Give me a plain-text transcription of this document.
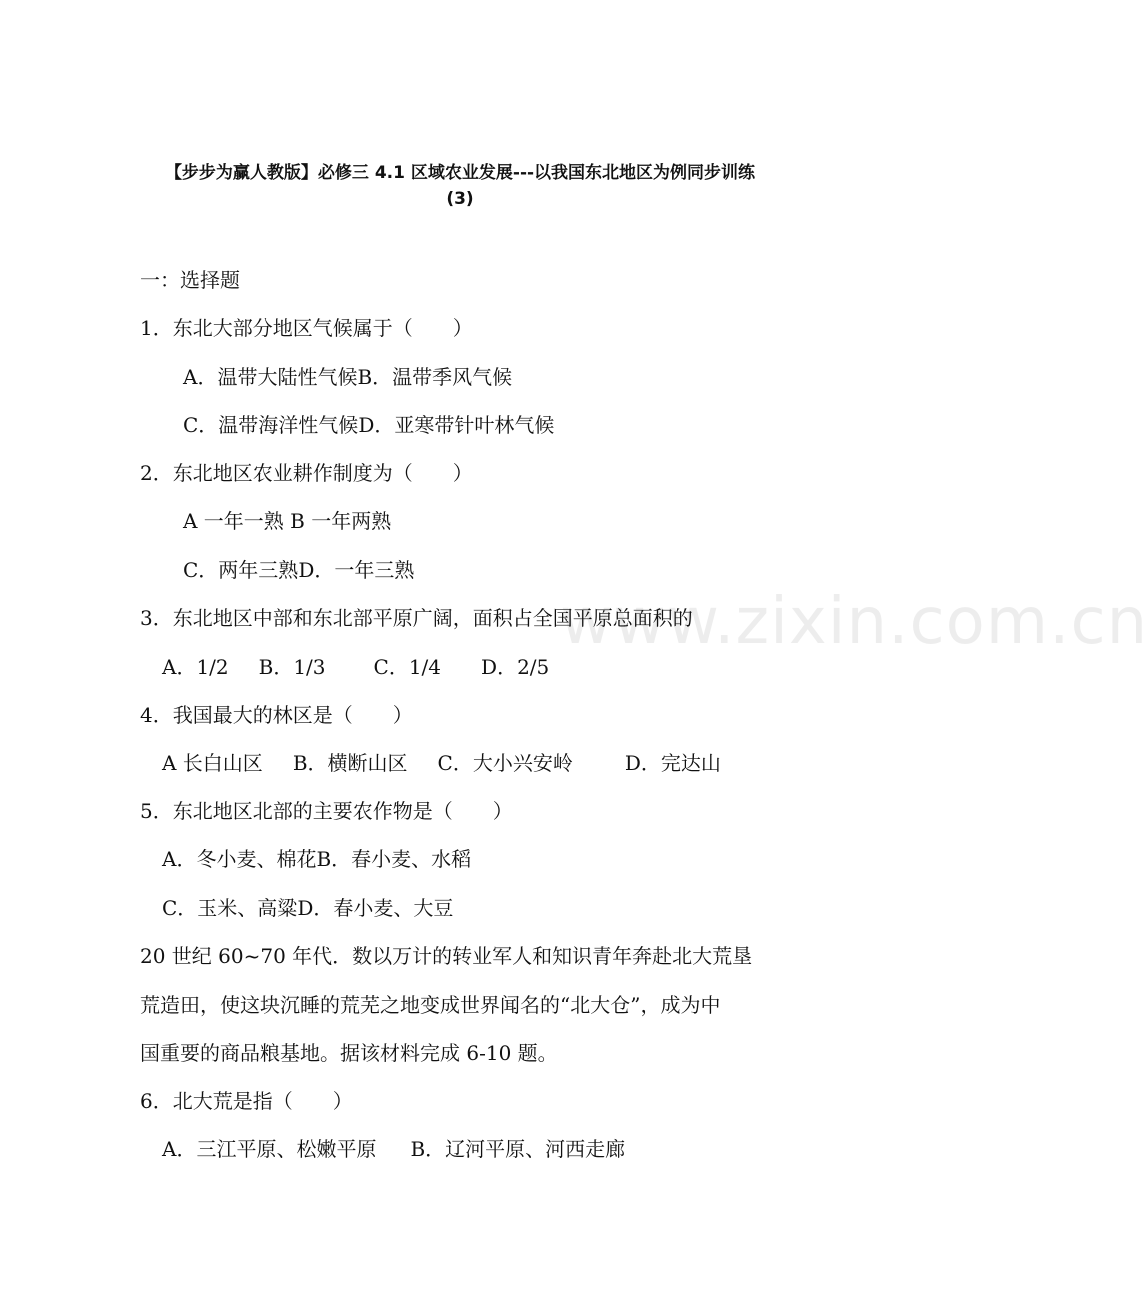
【步步为赢人教版】必修三 4.1 区域农业发展---以我国东北地区为例同步训练
(3)
www.zixin.com.cn
一：选择题
1．东北大部分地区气候属于（　　）
A．温带大陆性气候B．温带季风气候
C．温带海洋性气候D．亚寒带针叶林气候
2．东北地区农业耕作制度为（　　）
A 一年一熟 B 一年两熟
C．两年三熟D．一年三熟
3．东北地区中部和东北部平原广阔，面积占全国平原总面积的
A．1/2 B．1/3 C．1/4 D．2/5
4．我国最大的林区是（　　）
A 长白山区 B．横断山区 C．大小兴安岭	D．完达山
5．东北地区北部的主要农作物是（　　）
A．冬小麦、棉花B．春小麦、水稻
C．玉米、高粱D．春小麦、大豆
20 世纪 60~70 年代．数以万计的转业军人和知识青年奔赴北大荒垦
荒造田，使这块沉睡的荒芜之地变成世界闻名的“北大仓”，成为中
国重要的商品粮基地。据该材料完成 6-10 题。
6．北大荒是指（　　）
A．三江平原、松嫩平原 B．辽河平原、河西走廊
